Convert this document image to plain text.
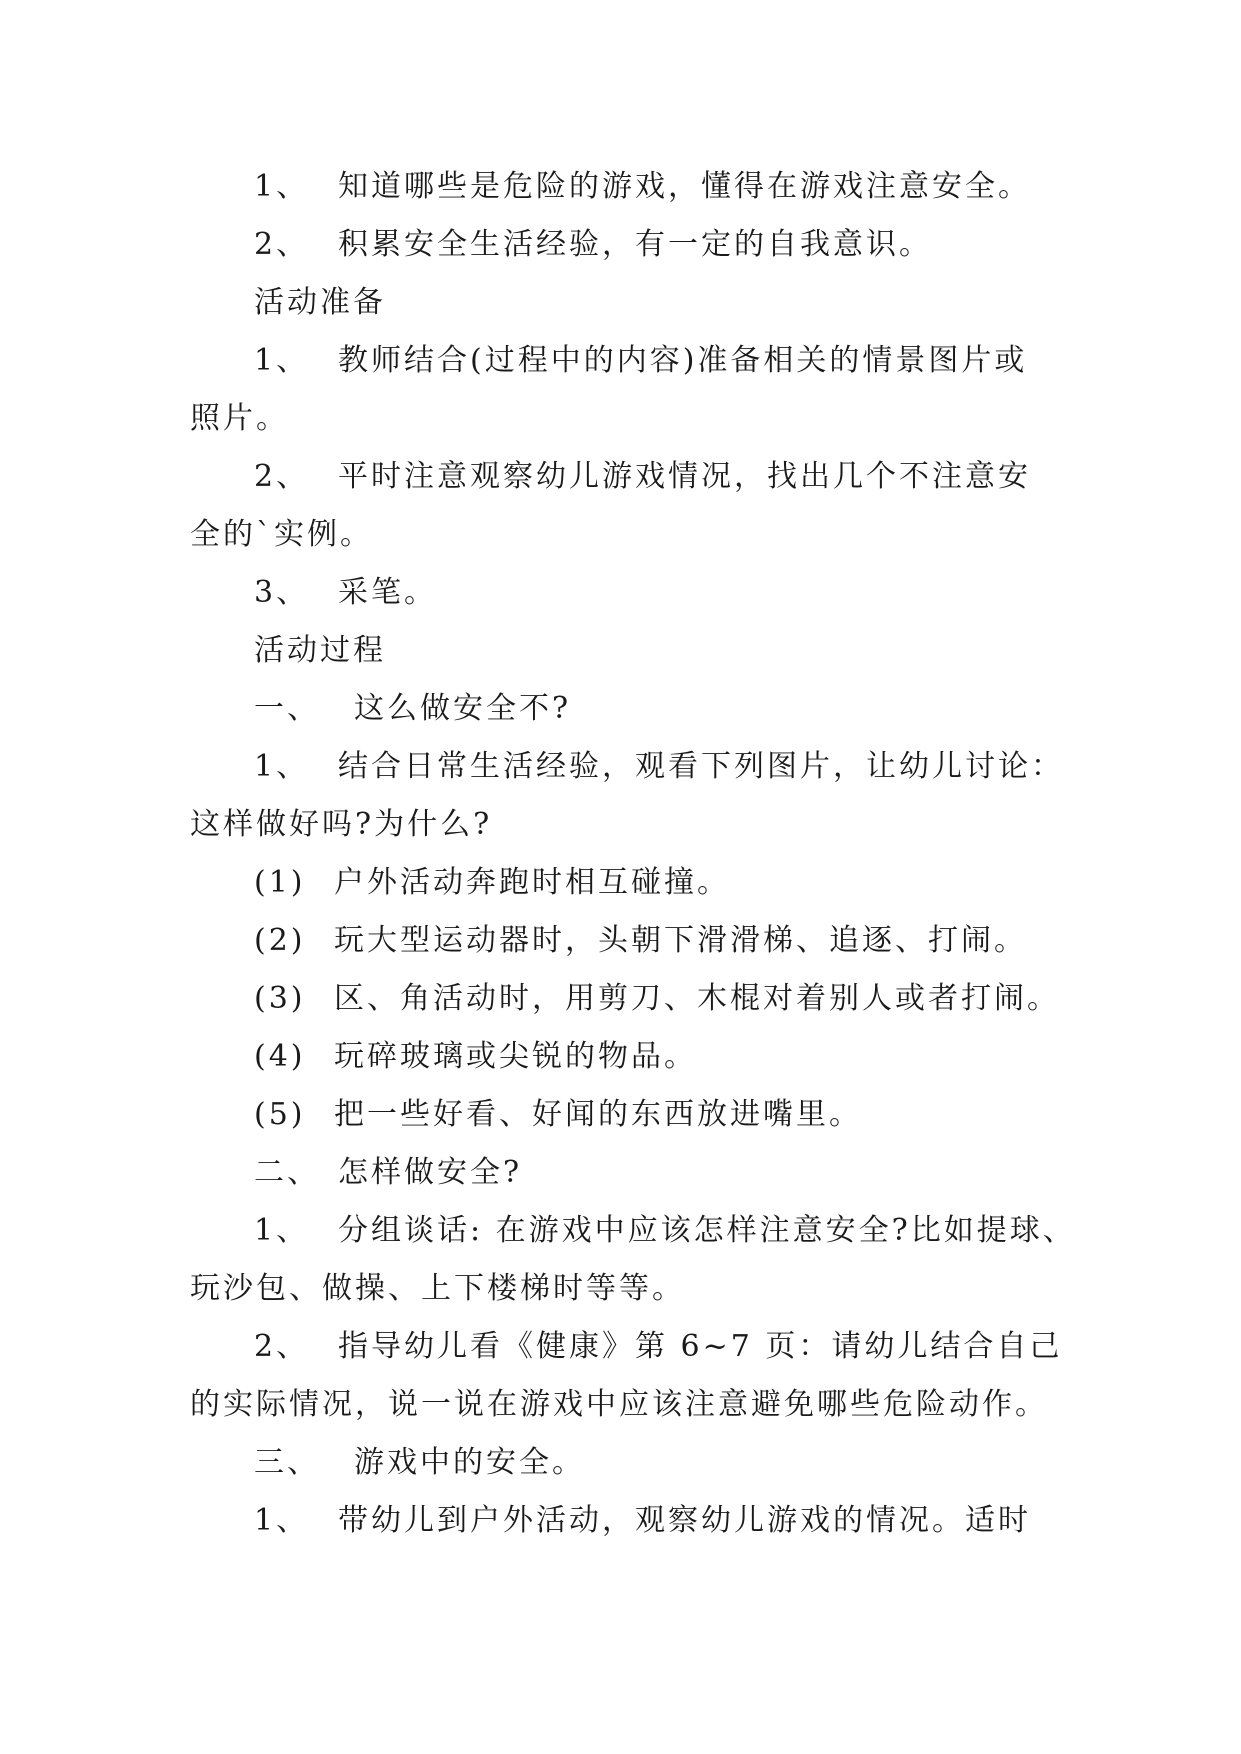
1、 知道哪些是危险的游戏，懂得在游戏注意安全。
2、 积累安全生活经验，有一定的自我意识。
活动准备
1、 教师结合(过程中的内容)准备相关的情景图片或
照片。
2、 平时注意观察幼儿游戏情况，找出几个不注意安
全的`实例。
3、 采笔。
活动过程
一、 这么做安全不?
1、 结合日常生活经验，观看下列图片，让幼儿讨论：
这样做好吗?为什么?
(1) 户外活动奔跑时相互碰撞。
(2) 玩大型运动器时，头朝下滑滑梯、追逐、打闹。
(3) 区、角活动时，用剪刀、木棍对着别人或者打闹。
(4) 玩碎玻璃或尖锐的物品。
(5) 把一些好看、好闻的东西放进嘴里。
二、 怎样做安全?
1、 分组谈话: 在游戏中应该怎样注意安全?比如提球、
玩沙包、做操、上下楼梯时等等。
2、 指导幼儿看《健康》第 6~7 页：请幼儿结合自己
的实际情况，说一说在游戏中应该注意避免哪些危险动作。
三、 游戏中的安全。
1、 带幼儿到户外活动，观察幼儿游戏的情况。适时
